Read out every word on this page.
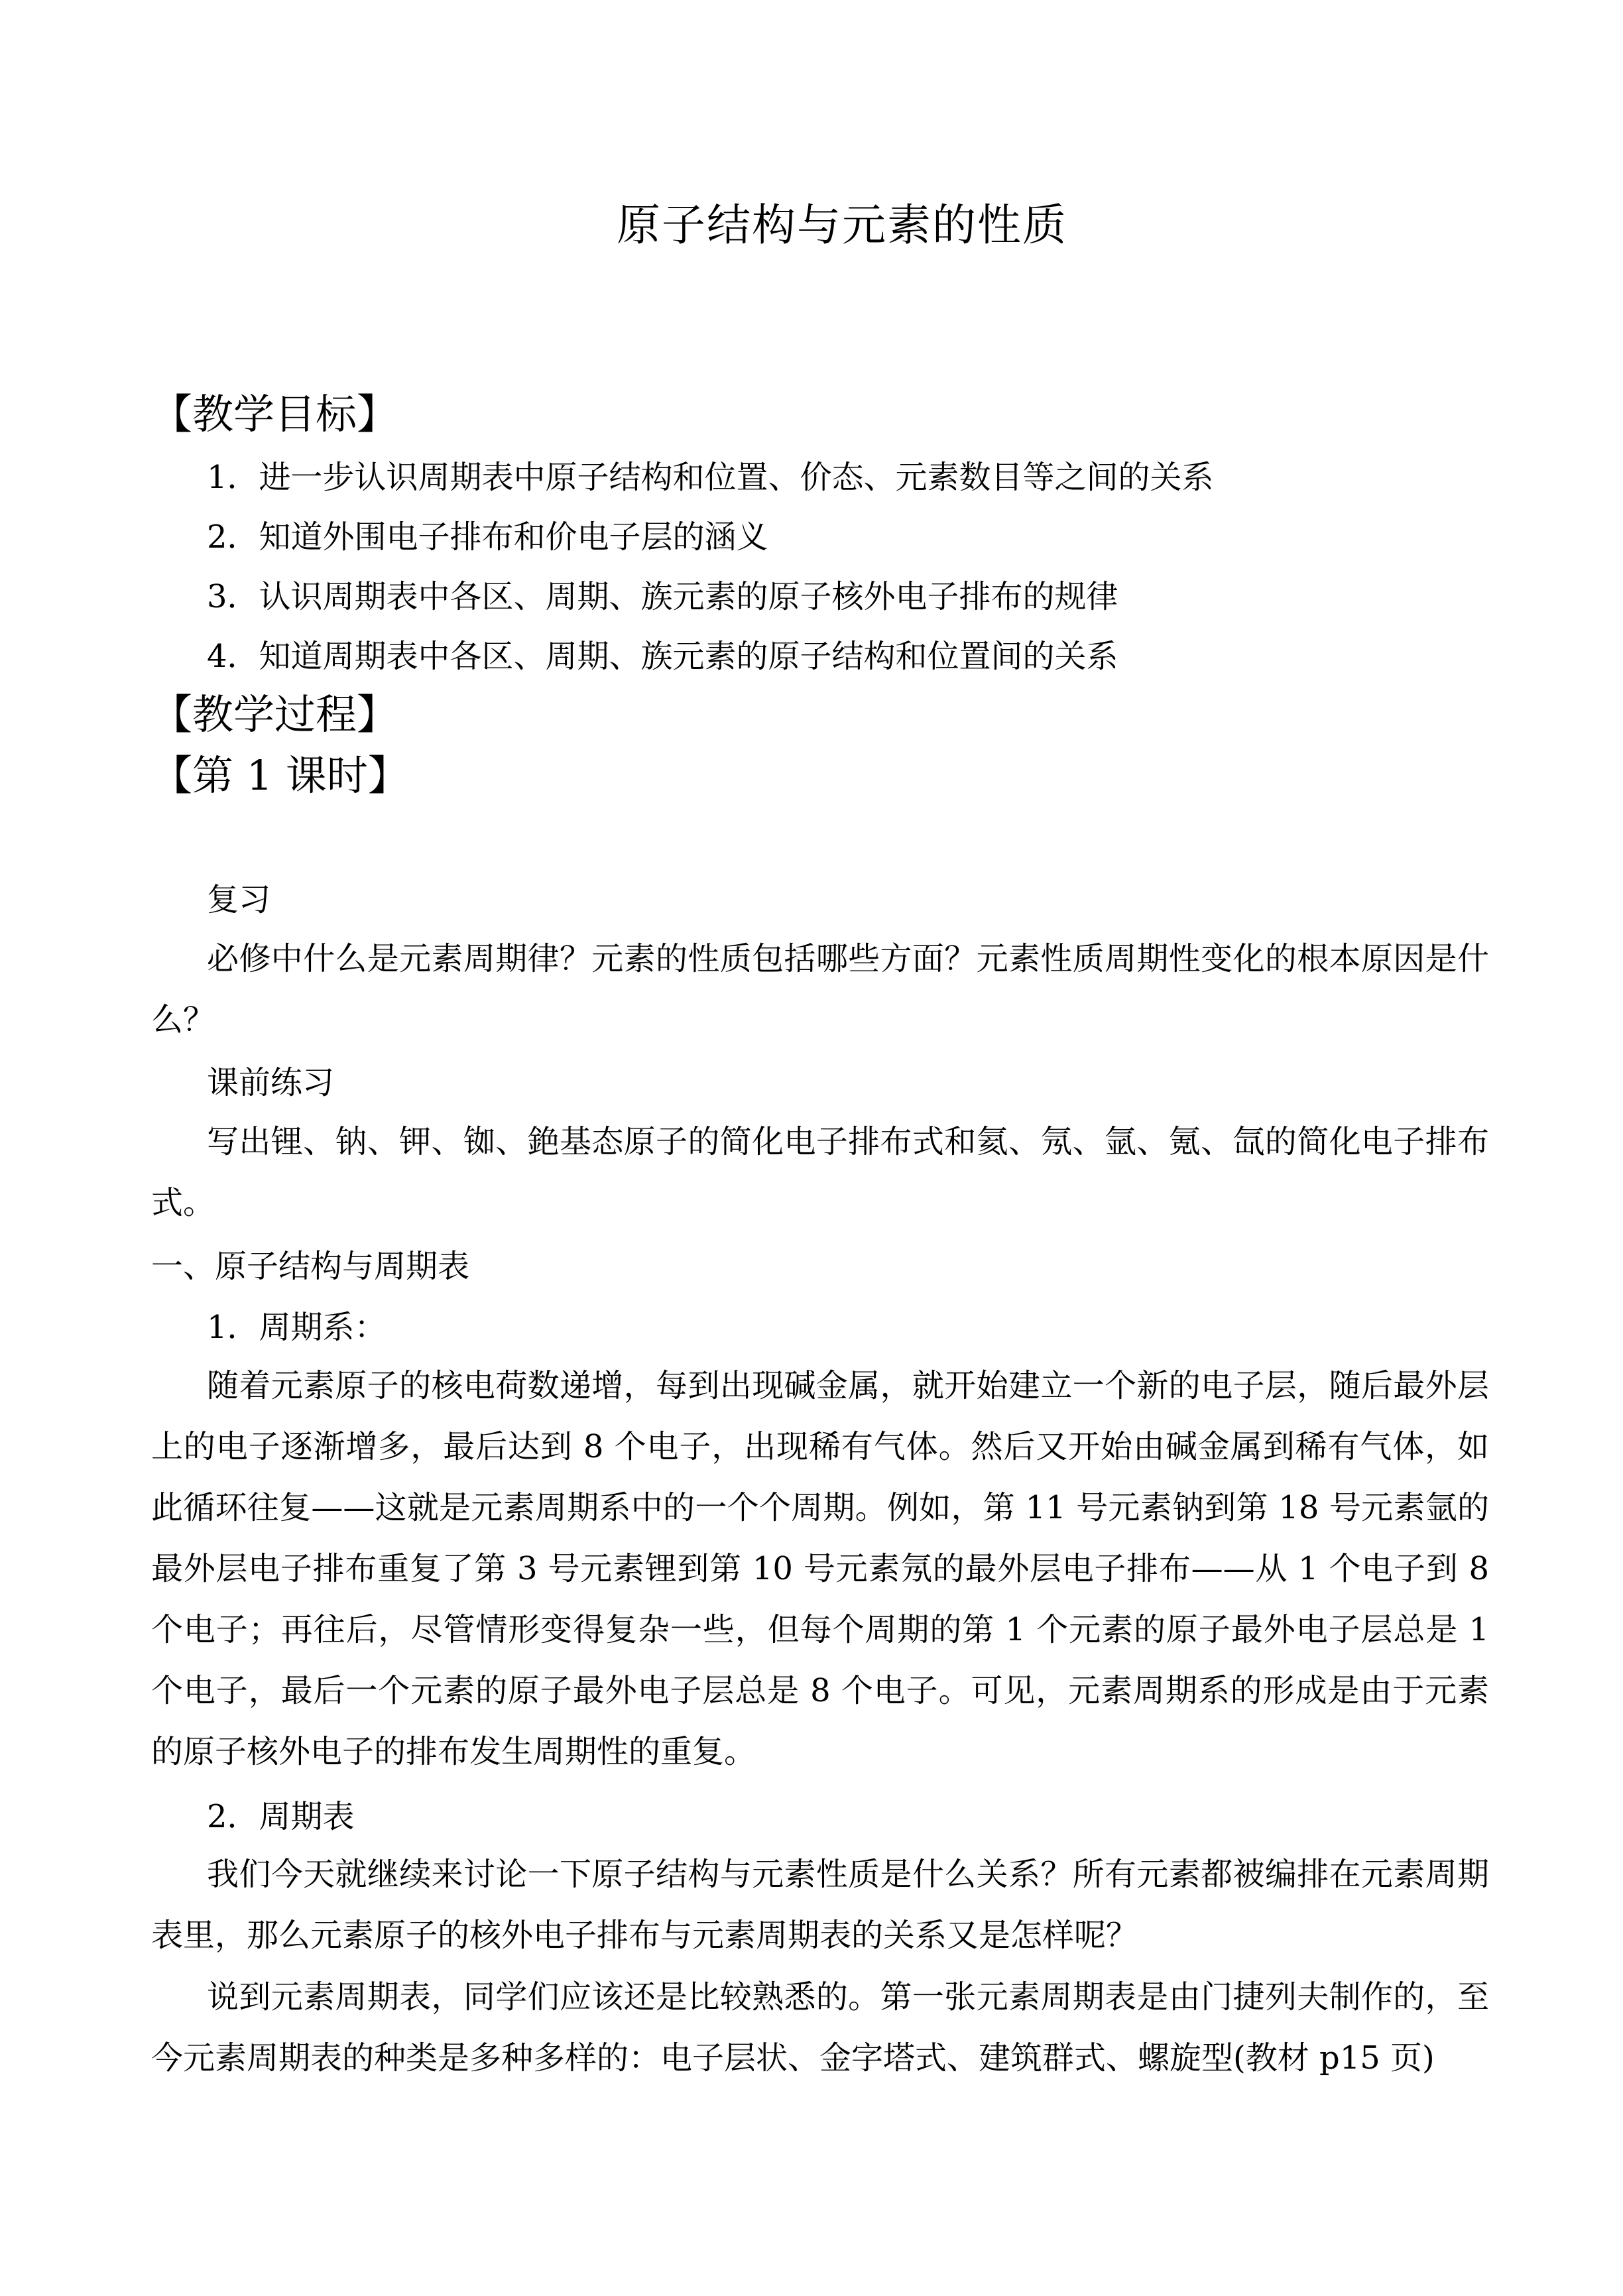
原子结构与元素的性质
【教学目标】
1．进一步认识周期表中原子结构和位置、价态、元素数目等之间的关系
2．知道外围电子排布和价电子层的涵义
3．认识周期表中各区、周期、族元素的原子核外电子排布的规律
4．知道周期表中各区、周期、族元素的原子结构和位置间的关系
【教学过程】
【第 1 课时】
复习
必修中什么是元素周期律？元素的性质包括哪些方面？元素性质周期性变化的根本原因是什么？
课前练习
写出锂、钠、钾、铷、銫基态原子的简化电子排布式和氦、氖、氩、氪、氙的简化电子排布式。
一、原子结构与周期表
1．周期系：
随着元素原子的核电荷数递增，每到出现碱金属，就开始建立一个新的电子层，随后最外层上的电子逐渐增多，最后达到 8 个电子，出现稀有气体。然后又开始由碱金属到稀有气体，如此循环往复——这就是元素周期系中的一个个周期。例如，第 11 号元素钠到第 18 号元素氩的最外层电子排布重复了第 3 号元素锂到第 10 号元素氖的最外层电子排布——从 1 个电子到 8 个电子；再往后，尽管情形变得复杂一些，但每个周期的第 1 个元素的原子最外电子层总是 1 个电子，最后一个元素的原子最外电子层总是 8 个电子。可见，元素周期系的形成是由于元素的原子核外电子的排布发生周期性的重复。
2．周期表
我们今天就继续来讨论一下原子结构与元素性质是什么关系？所有元素都被编排在元素周期表里，那么元素原子的核外电子排布与元素周期表的关系又是怎样呢？
说到元素周期表，同学们应该还是比较熟悉的。第一张元素周期表是由门捷列夫制作的，至今元素周期表的种类是多种多样的：电子层状、金字塔式、建筑群式、螺旋型(教材 p15 页)
